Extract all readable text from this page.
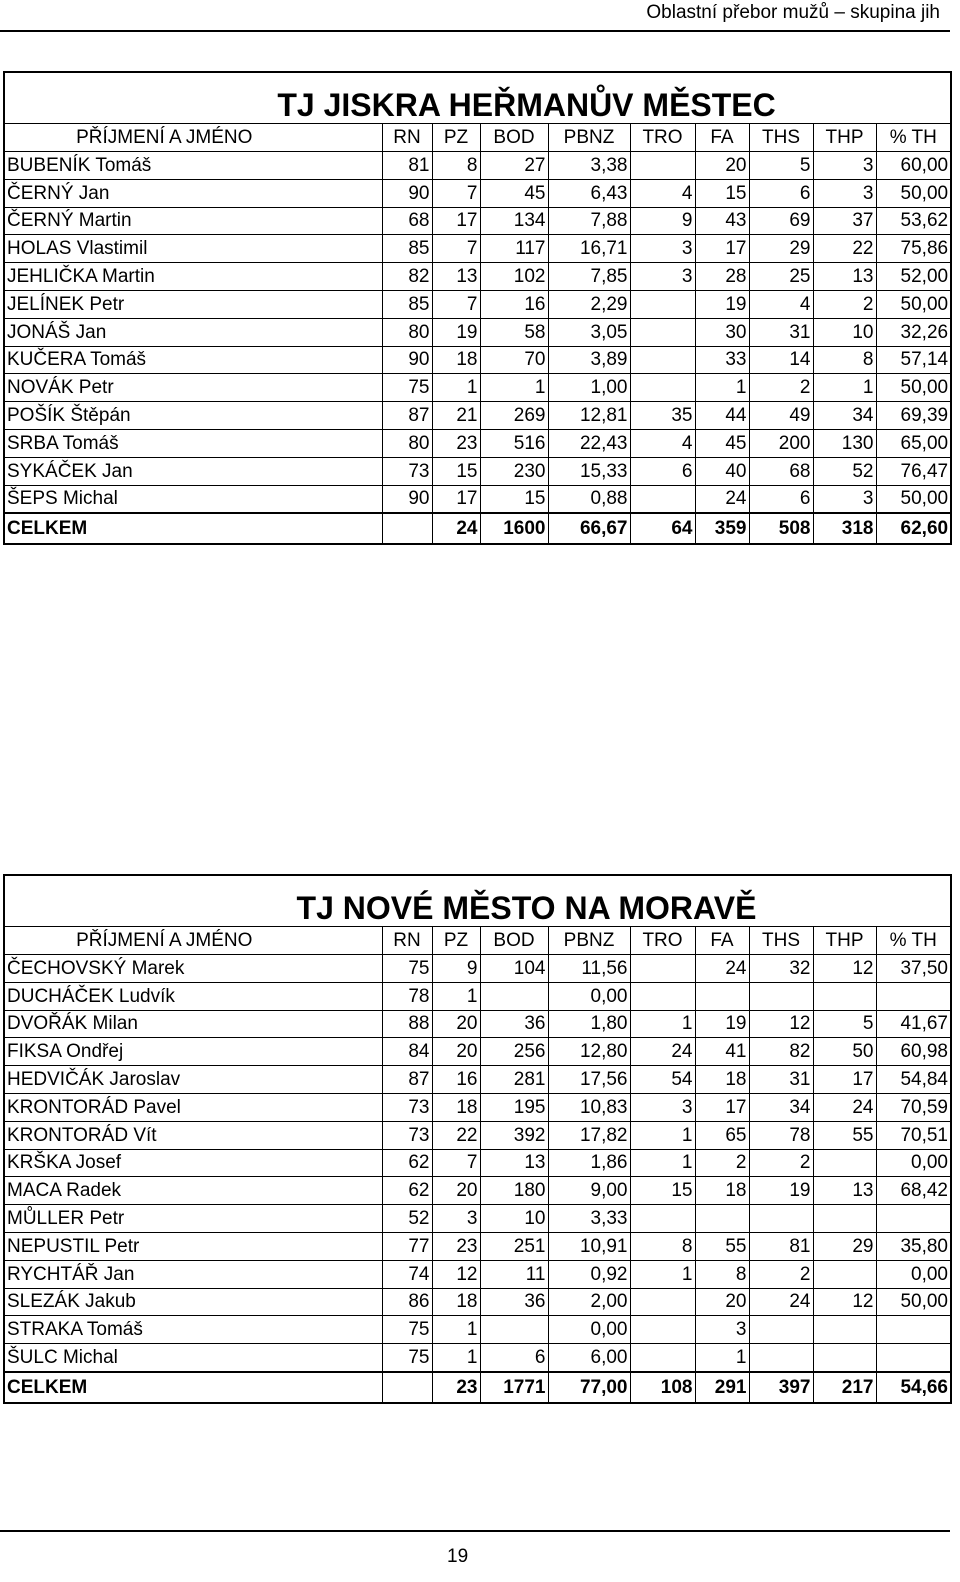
Oblastní přebor mužů – skupina jih
TJ JISKRA HEŘMANŮV MĚSTEC									
PŘÍJMENÍ A JMÉNO	RN	PZ	BOD	PBNZ	TRO	FA	THS	THP	% TH
BUBENÍK Tomáš	81	8	27	3,38		20	5	3	60,00
ČERNÝ Jan	90	7	45	6,43	4	15	6	3	50,00
ČERNÝ Martin	68	17	134	7,88	9	43	69	37	53,62
HOLAS Vlastimil	85	7	117	16,71	3	17	29	22	75,86
JEHLIČKA Martin	82	13	102	7,85	3	28	25	13	52,00
JELÍNEK Petr	85	7	16	2,29		19	4	2	50,00
JONÁŠ Jan	80	19	58	3,05		30	31	10	32,26
KUČERA Tomáš	90	18	70	3,89		33	14	8	57,14
NOVÁK Petr	75	1	1	1,00		1	2	1	50,00
POŠÍK Štěpán	87	21	269	12,81	35	44	49	34	69,39
SRBA Tomáš	80	23	516	22,43	4	45	200	130	65,00
SYKÁČEK Jan	73	15	230	15,33	6	40	68	52	76,47
ŠEPS Michal	90	17	15	0,88		24	6	3	50,00
CELKEM		24	1600	66,67	64	359	508	318	62,60
TJ NOVÉ MĚSTO NA MORAVĚ									
PŘÍJMENÍ A JMÉNO	RN	PZ	BOD	PBNZ	TRO	FA	THS	THP	% TH
ČECHOVSKÝ Marek	75	9	104	11,56		24	32	12	37,50
DUCHÁČEK Ludvík	78	1		0,00					
DVOŘÁK Milan	88	20	36	1,80	1	19	12	5	41,67
FIKSA Ondřej	84	20	256	12,80	24	41	82	50	60,98
HEDVIČÁK Jaroslav	87	16	281	17,56	54	18	31	17	54,84
KRONTORÁD Pavel	73	18	195	10,83	3	17	34	24	70,59
KRONTORÁD Vít	73	22	392	17,82	1	65	78	55	70,51
KRŠKA Josef	62	7	13	1,86	1	2	2		0,00
MACA Radek	62	20	180	9,00	15	18	19	13	68,42
MŮLLER Petr	52	3	10	3,33					
NEPUSTIL Petr	77	23	251	10,91	8	55	81	29	35,80
RYCHTÁŘ Jan	74	12	11	0,92	1	8	2		0,00
SLEZÁK Jakub	86	18	36	2,00		20	24	12	50,00
STRAKA Tomáš	75	1		0,00		3			
ŠULC Michal	75	1	6	6,00		1			
CELKEM		23	1771	77,00	108	291	397	217	54,66
19
